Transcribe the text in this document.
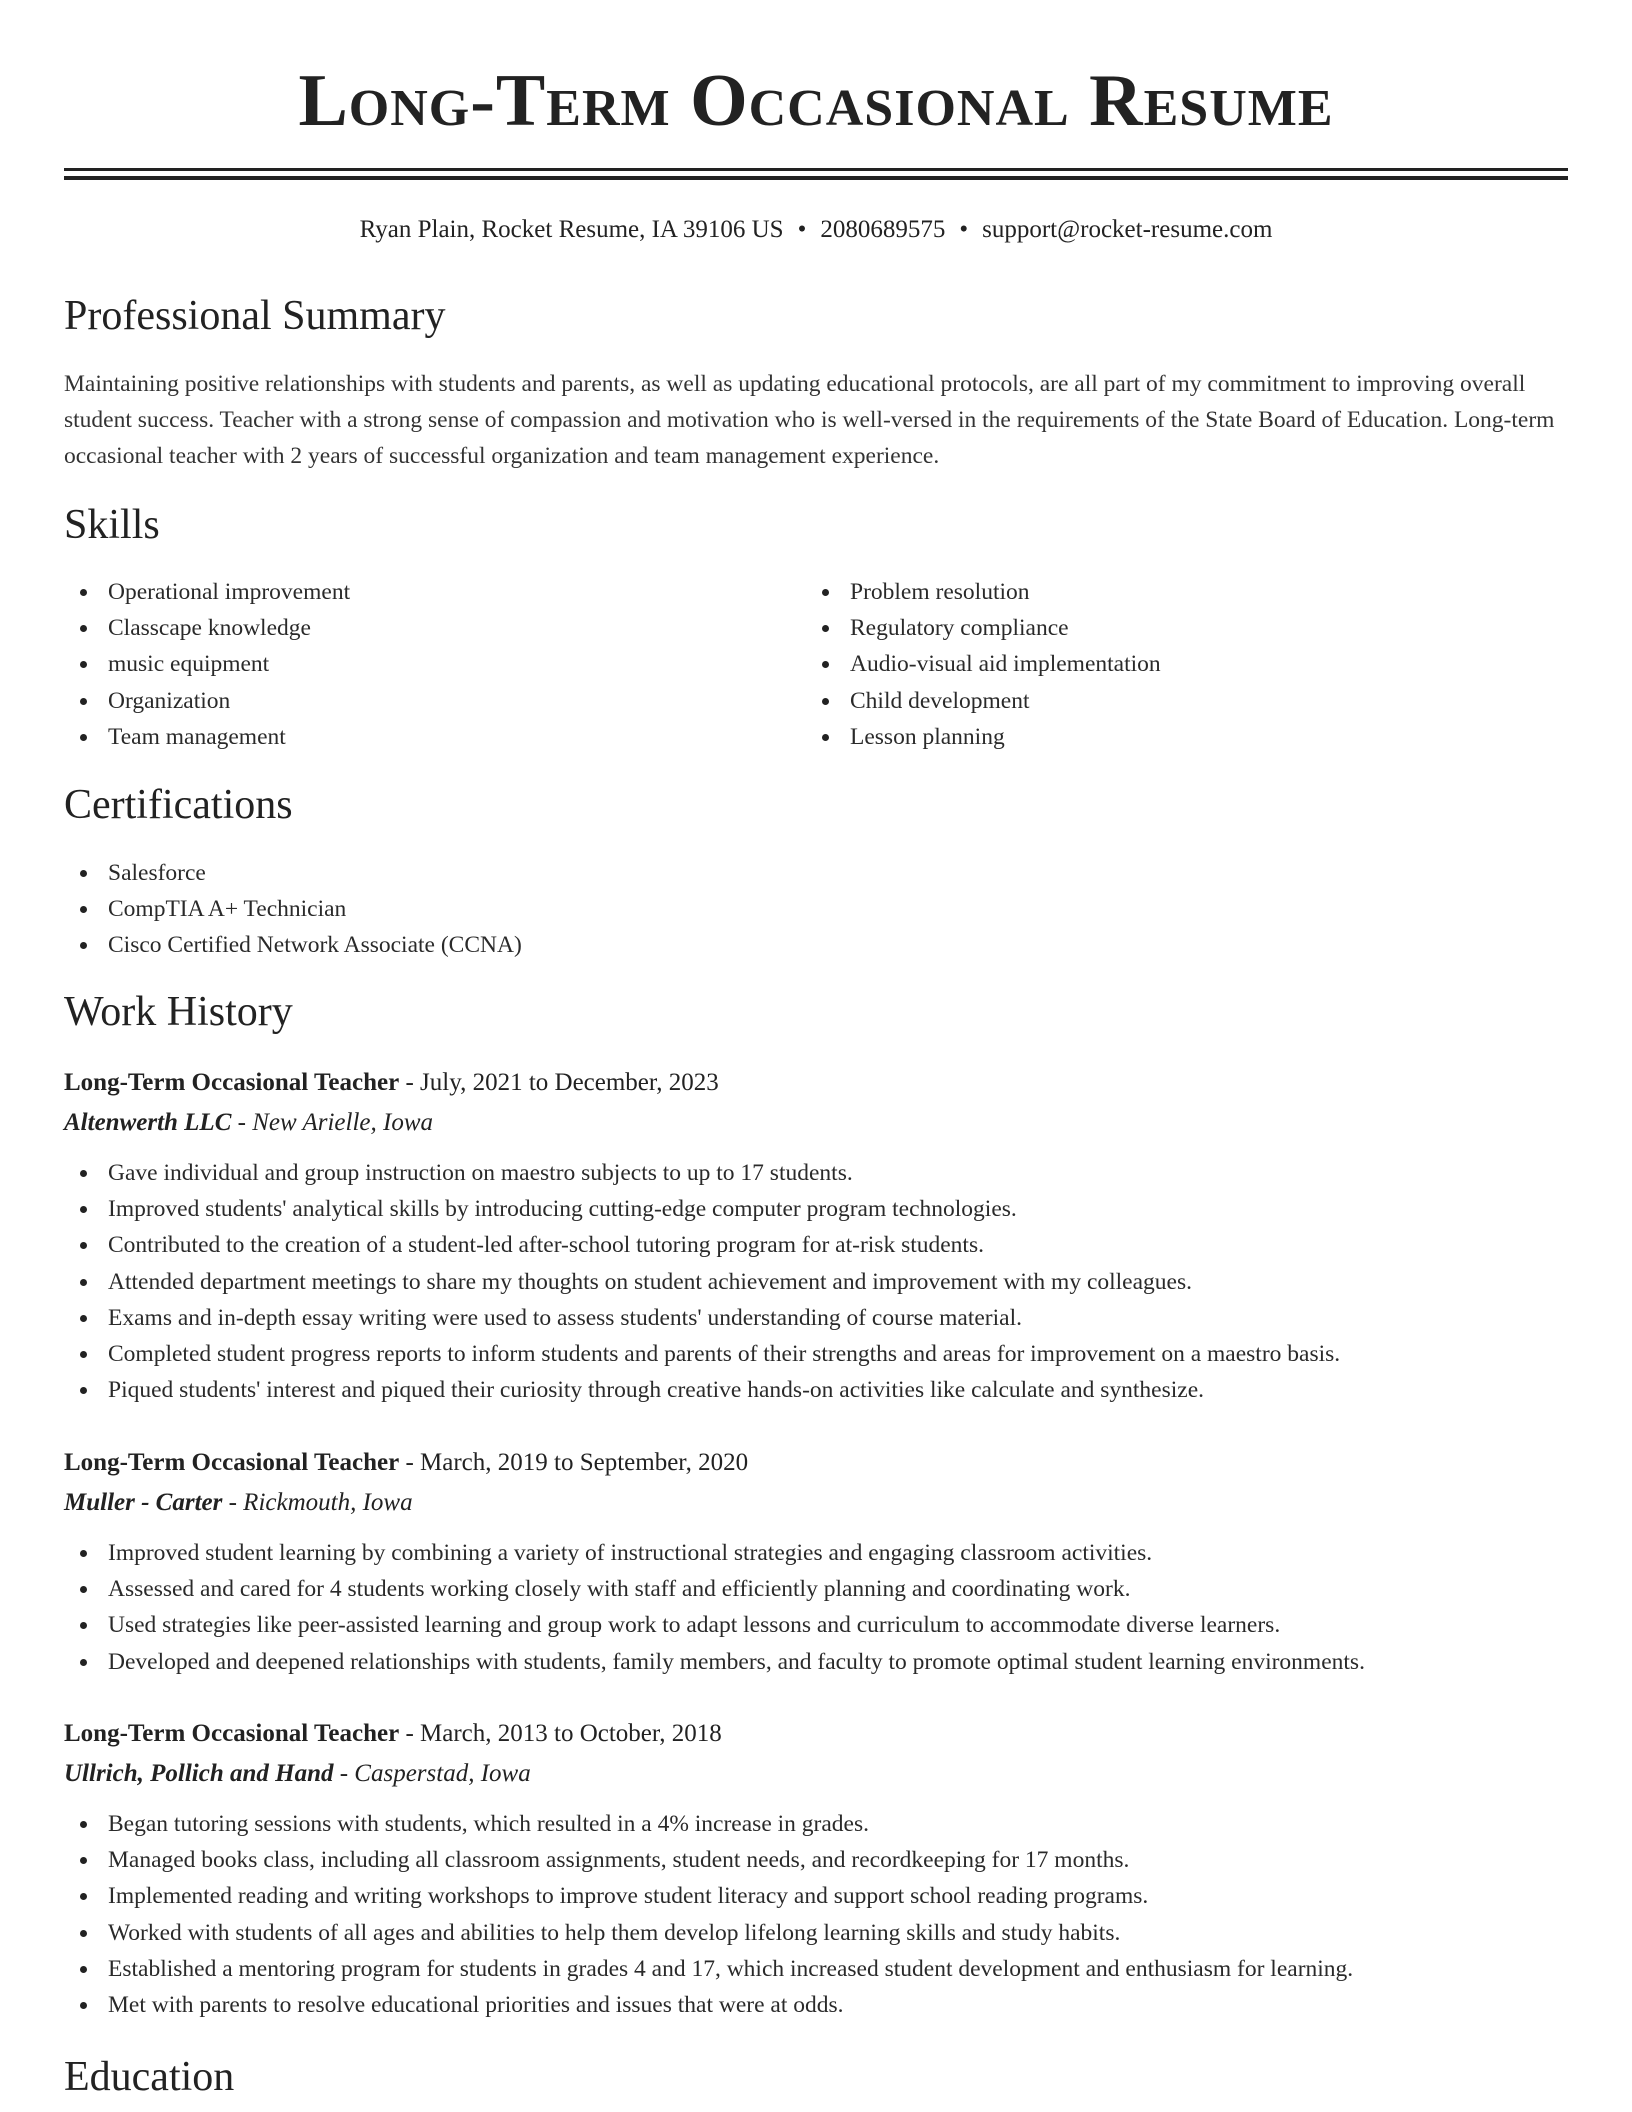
Long-Term Occasional Resume
Ryan Plain, Rocket Resume, IA 39106 US • 2080689575 • support@rocket-resume.com
Professional Summary

Maintaining positive relationships with students and parents, as well as updating educational protocols, are all part of my commitment to improving overall student success. Teacher with a strong sense of compassion and motivation who is well-versed in the requirements of the State Board of Education. Long-term occasional teacher with 2 years of successful organization and team management experience.

Skills
Operational improvement
Classcape knowledge
music equipment
Organization
Team management
Problem resolution
Regulatory compliance
Audio-visual aid implementation
Child development
Lesson planning
Certifications
Salesforce
CompTIA A+ Technician
Cisco Certified Network Associate (CCNA)
Work History
Long-Term Occasional Teacher - July, 2021 to December, 2023
Altenwerth LLC - New Arielle, Iowa
Gave individual and group instruction on maestro subjects to up to 17 students.
Improved students' analytical skills by introducing cutting-edge computer program technologies.
Contributed to the creation of a student-led after-school tutoring program for at-risk students.
Attended department meetings to share my thoughts on student achievement and improvement with my colleagues.
Exams and in-depth essay writing were used to assess students' understanding of course material.
Completed student progress reports to inform students and parents of their strengths and areas for improvement on a maestro basis.
Piqued students' interest and piqued their curiosity through creative hands-on activities like calculate and synthesize.
Long-Term Occasional Teacher - March, 2019 to September, 2020
Muller - Carter - Rickmouth, Iowa
Improved student learning by combining a variety of instructional strategies and engaging classroom activities.
Assessed and cared for 4 students working closely with staff and efficiently planning and coordinating work.
Used strategies like peer-assisted learning and group work to adapt lessons and curriculum to accommodate diverse learners.
Developed and deepened relationships with students, family members, and faculty to promote optimal student learning environments.
Long-Term Occasional Teacher - March, 2013 to October, 2018
Ullrich, Pollich and Hand - Casperstad, Iowa
Began tutoring sessions with students, which resulted in a 4% increase in grades.
Managed books class, including all classroom assignments, student needs, and recordkeeping for 17 months.
Implemented reading and writing workshops to improve student literacy and support school reading programs.
Worked with students of all ages and abilities to help them develop lifelong learning skills and study habits.
Established a mentoring program for students in grades 4 and 17, which increased student development and enthusiasm for learning.
Met with parents to resolve educational priorities and issues that were at odds.
Education
